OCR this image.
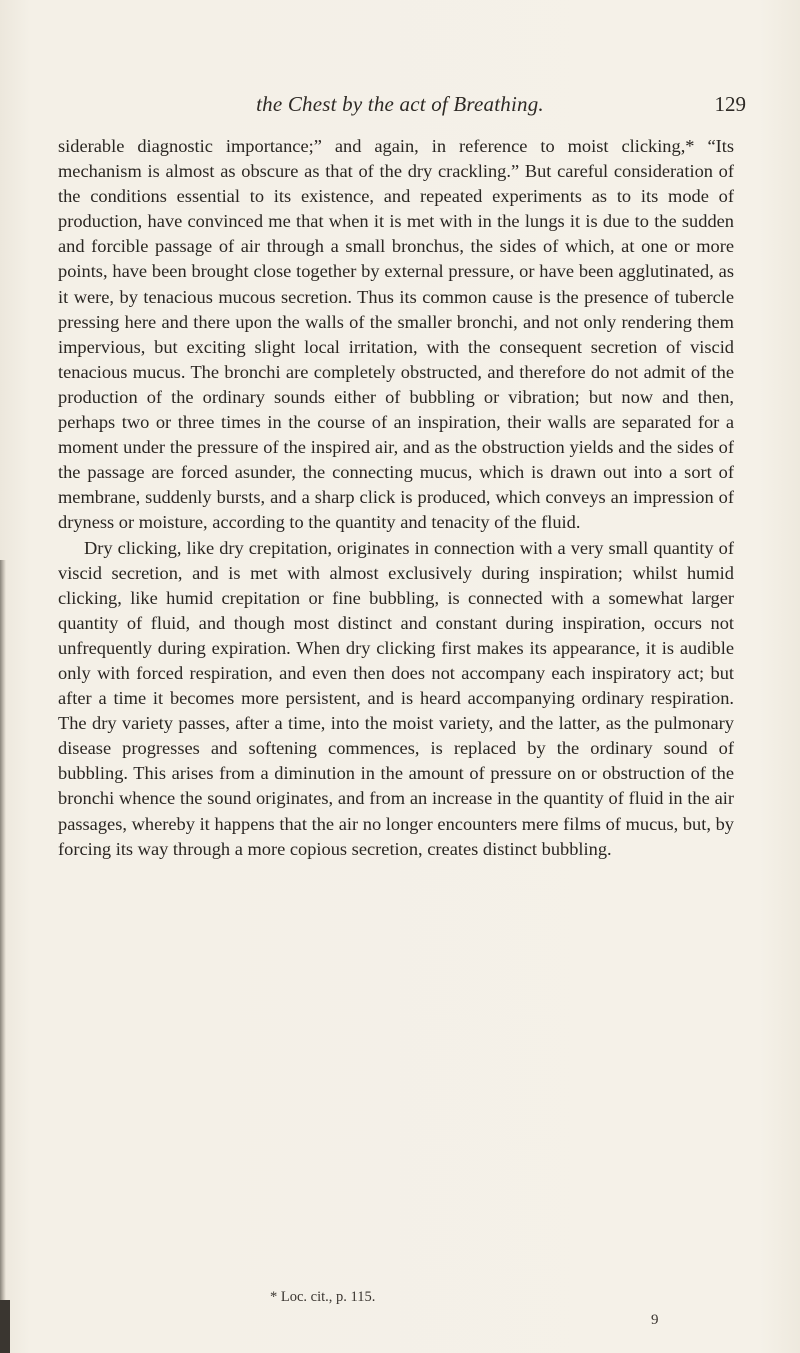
the Chest by the act of Breathing.	129

siderable diagnostic importance;” and again, in reference to moist clicking,* “Its mechanism is almost as obscure as that of the dry crackling.” But careful consideration of the conditions essential to its existence, and repeated experiments as to its mode of production, have convinced me that when it is met with in the lungs it is due to the sudden and forcible passage of air through a small bronchus, the sides of which, at one or more points, have been brought close together by external pressure, or have been agglutinated, as it were, by tenacious mucous secretion. Thus its common cause is the presence of tubercle pressing here and there upon the walls of the smaller bronchi, and not only rendering them impervious, but exciting slight local irritation, with the consequent secretion of viscid tenacious mucus. The bronchi are completely obstructed, and therefore do not admit of the production of the ordinary sounds either of bubbling or vibration; but now and then, perhaps two or three times in the course of an inspiration, their walls are separated for a moment under the pressure of the inspired air, and as the obstruction yields and the sides of the passage are forced asunder, the connecting mucus, which is drawn out into a sort of membrane, suddenly bursts, and a sharp click is produced, which conveys an impression of dryness or moisture, according to the quantity and tenacity of the fluid.

Dry clicking, like dry crepitation, originates in connection with a very small quantity of viscid secretion, and is met with almost exclusively during inspiration; whilst humid clicking, like humid crepitation or fine bubbling, is connected with a somewhat larger quantity of fluid, and though most distinct and constant during inspiration, occurs not unfrequently during expiration. When dry clicking first makes its appearance, it is audible only with forced respiration, and even then does not accompany each inspiratory act; but after a time it becomes more persistent, and is heard accompanying ordinary respiration. The dry variety passes, after a time, into the moist variety, and the latter, as the pulmonary disease progresses and softening commences, is replaced by the ordinary sound of bubbling. This arises from a diminution in the amount of pressure on or obstruction of the bronchi whence the sound originates, and from an increase in the quantity of fluid in the air passages, whereby it happens that the air no longer encounters mere films of mucus, but, by forcing its way through a more copious secretion, creates distinct bubbling.

* Loc. cit., p. 115.
9
